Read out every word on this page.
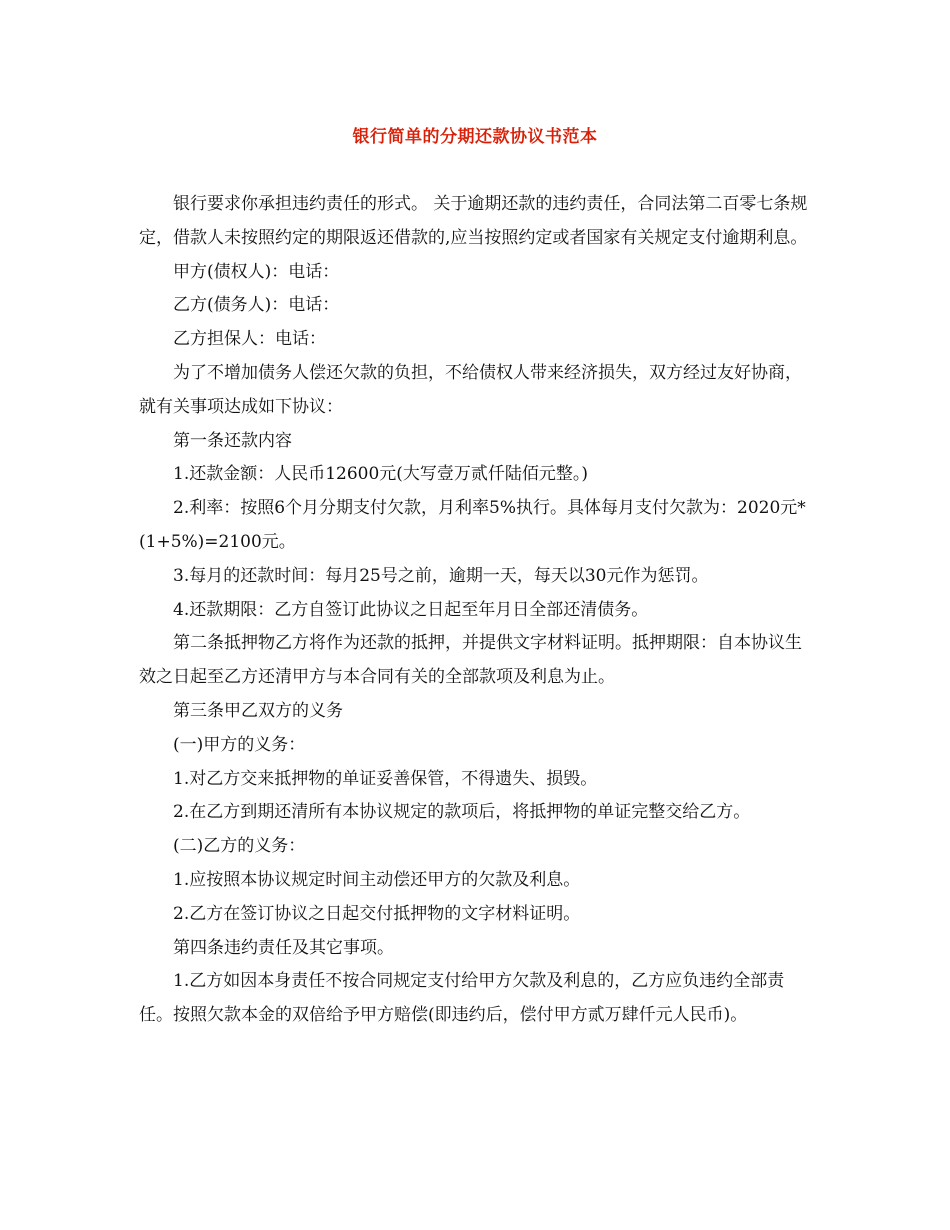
银行简单的分期还款协议书范本

银行要求你承担违约责任的形式。 关于逾期还款的违约责任，合同法第二百零七条规定，借款人未按照约定的期限返还借款的,应当按照约定或者国家有关规定支付逾期利息。

甲方(债权人)：电话：

乙方(债务人)：电话：

乙方担保人：电话：

为了不增加债务人偿还欠款的负担，不给债权人带来经济损失，双方经过友好协商，就有关事项达成如下协议：

第一条还款内容

1.还款金额：人民币12600元(大写壹万贰仟陆佰元整。)

2.利率：按照6个月分期支付欠款，月利率5%执行。具体每月支付欠款为：2020元*(1+5%)=2100元。

3.每月的还款时间：每月25号之前，逾期一天，每天以30元作为惩罚。

4.还款期限：乙方自签订此协议之日起至年月日全部还清债务。

第二条抵押物乙方将作为还款的抵押，并提供文字材料证明。抵押期限：自本协议生效之日起至乙方还清甲方与本合同有关的全部款项及利息为止。

第三条甲乙双方的义务

(一)甲方的义务：

1.对乙方交来抵押物的单证妥善保管，不得遗失、损毁。

2.在乙方到期还清所有本协议规定的款项后，将抵押物的单证完整交给乙方。

(二)乙方的义务：

1.应按照本协议规定时间主动偿还甲方的欠款及利息。

2.乙方在签订协议之日起交付抵押物的文字材料证明。

第四条违约责任及其它事项。

1.乙方如因本身责任不按合同规定支付给甲方欠款及利息的，乙方应负违约全部责任。按照欠款本金的双倍给予甲方赔偿(即违约后，偿付甲方贰万肆仟元人民币)。
